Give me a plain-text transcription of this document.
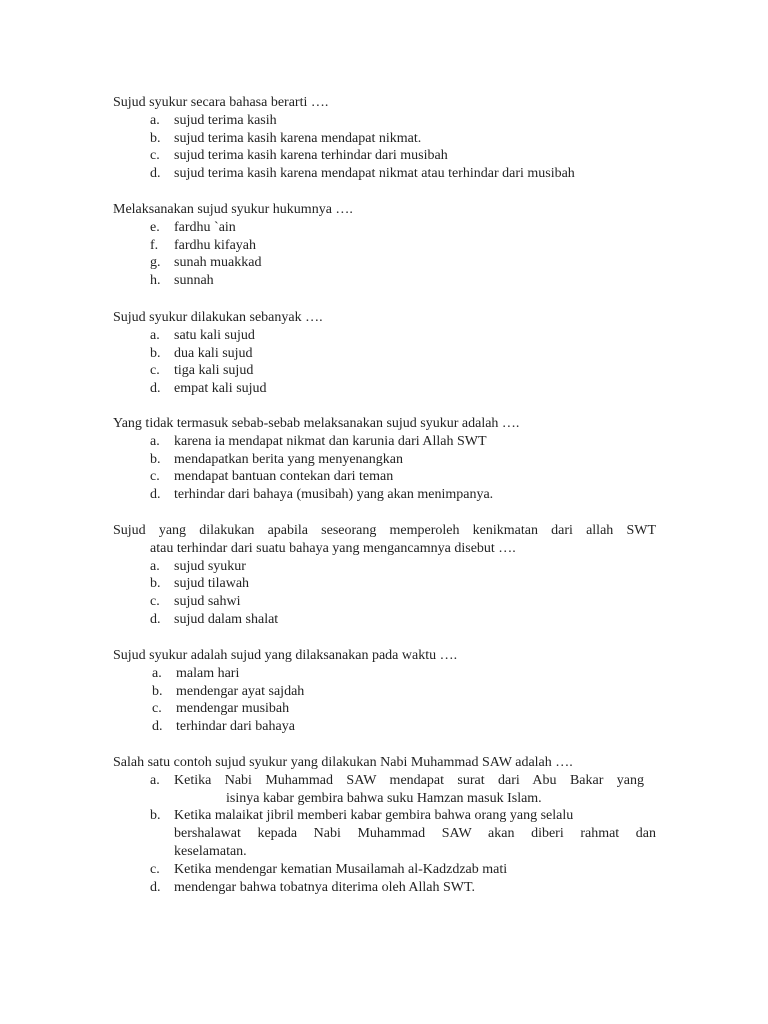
Sujud syukur secara bahasa berarti ….
a.	sujud terima kasih
b. sujud terima kasih karena mendapat nikmat.
c.	sujud terima kasih karena terhindar dari musibah
d. sujud terima kasih karena mendapat nikmat atau terhindar dari musibah
Melaksanakan sujud syukur hukumnya ….
e.	fardhu `ain
f.	fardhu kifayah
g. sunah muakkad
h. sunnah
Sujud syukur dilakukan sebanyak ….
a.	satu kali sujud
b. dua kali sujud
c.	tiga kali sujud
d. empat kali sujud
Yang tidak termasuk sebab-sebab melaksanakan sujud syukur adalah ….
a.	karena ia mendapat nikmat dan karunia dari Allah SWT
b. mendapatkan berita yang menyenangkan
c.	mendapat bantuan contekan dari teman
d. terhindar dari bahaya (musibah) yang akan menimpanya.
Sujud yang dilakukan apabila seseorang memperoleh kenikmatan dari allah SWT
atau terhindar dari suatu bahaya yang mengancamnya disebut ….
a.	sujud syukur
b. sujud tilawah
c.	sujud sahwi
d. sujud dalam shalat
Sujud syukur adalah sujud yang dilaksanakan pada waktu ….
a.	malam hari
b. mendengar ayat sajdah
c.	mendengar musibah
d. terhindar dari bahaya
Salah satu contoh sujud syukur yang dilakukan Nabi Muhammad SAW adalah ….
a.	Ketika Nabi Muhammad SAW mendapat surat dari Abu Bakar yang
isinya kabar gembira bahwa suku Hamzan masuk Islam.
b. Ketika malaikat jibril memberi kabar gembira bahwa orang yang selalu
bershalawat kepada Nabi Muhammad SAW akan diberi rahmat dan
keselamatan.
c.	Ketika mendengar kematian Musailamah al-Kadzdzab mati
d. mendengar bahwa tobatnya diterima oleh Allah SWT.
